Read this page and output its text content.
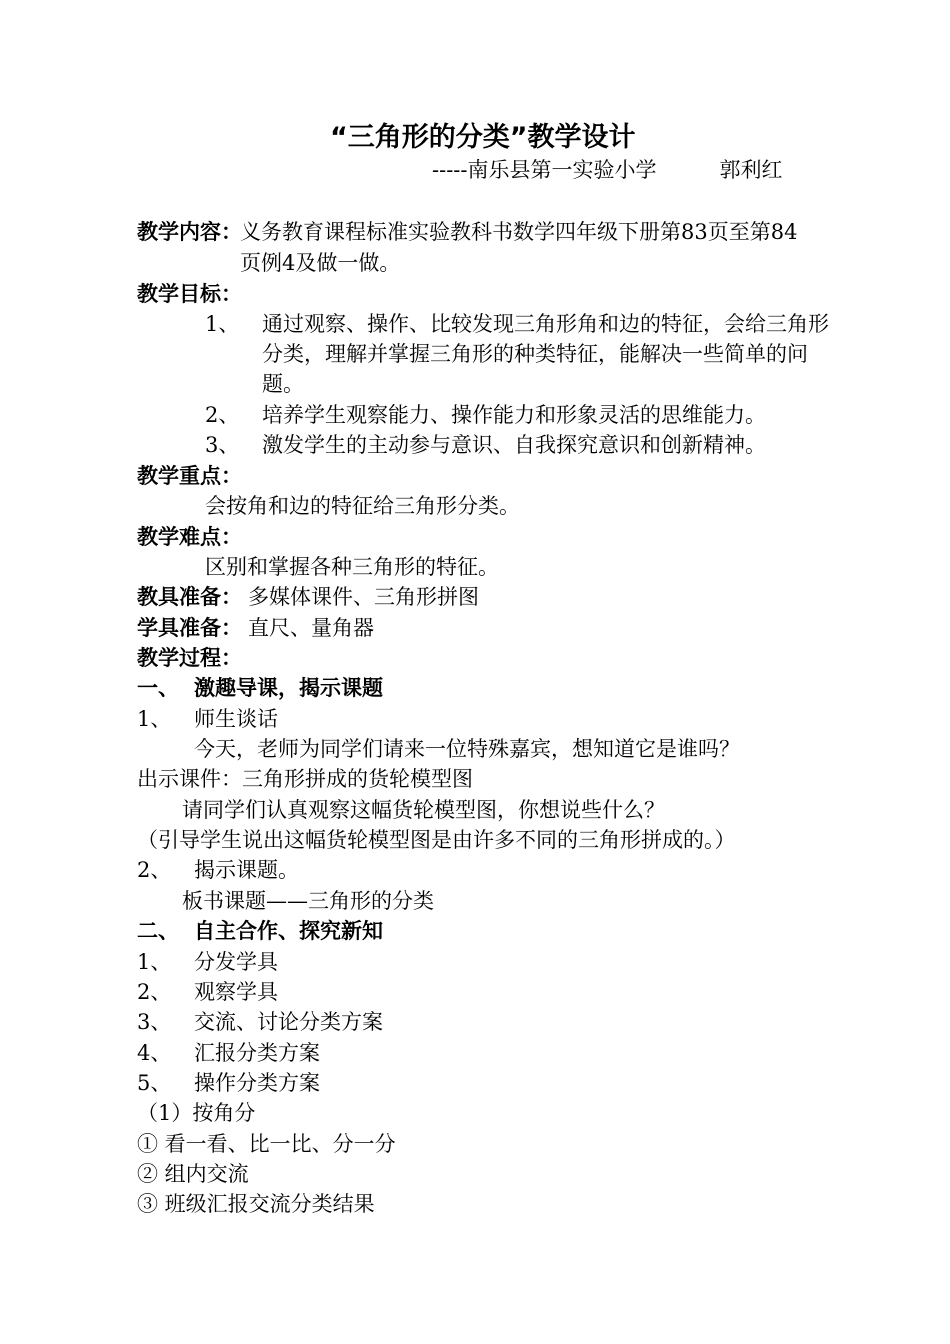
“三角形的分类”教学设计
-----南乐县第一实验小学　　　郭利红
教学内容：
义务教育课程标准实验教科书数学四年级下册第83页至第84
页例4及做一做。
教学目标：
1、 通过观察、操作、比较发现三角形角和边的特征，会给三角形
分类，理解并掌握三角形的种类特征，能解决一些简单的问
题。
2、 培养学生观察能力、操作能力和形象灵活的思维能力。
3、 激发学生的主动参与意识、自我探究意识和创新精神。
教学重点：
会按角和边的特征给三角形分类。
教学难点：
区别和掌握各种三角形的特征。
教具准备： 多媒体课件、三角形拼图
学具准备： 直尺、量角器
教学过程：
一、 激趣导课，揭示课题
1、 师生谈话
今天，老师为同学们请来一位特殊嘉宾，想知道它是谁吗？
出示课件：三角形拼成的货轮模型图
请同学们认真观察这幅货轮模型图，你想说些什么？
（引导学生说出这幅货轮模型图是由许多不同的三角形拼成的。）
2、 揭示课题。
板书课题——三角形的分类
二、 自主合作、探究新知
1、 分发学具
2、 观察学具
3、 交流、讨论分类方案
4、 汇报分类方案
5、 操作分类方案
（1）按角分
① 看一看、比一比、分一分
② 组内交流
③ 班级汇报交流分类结果
